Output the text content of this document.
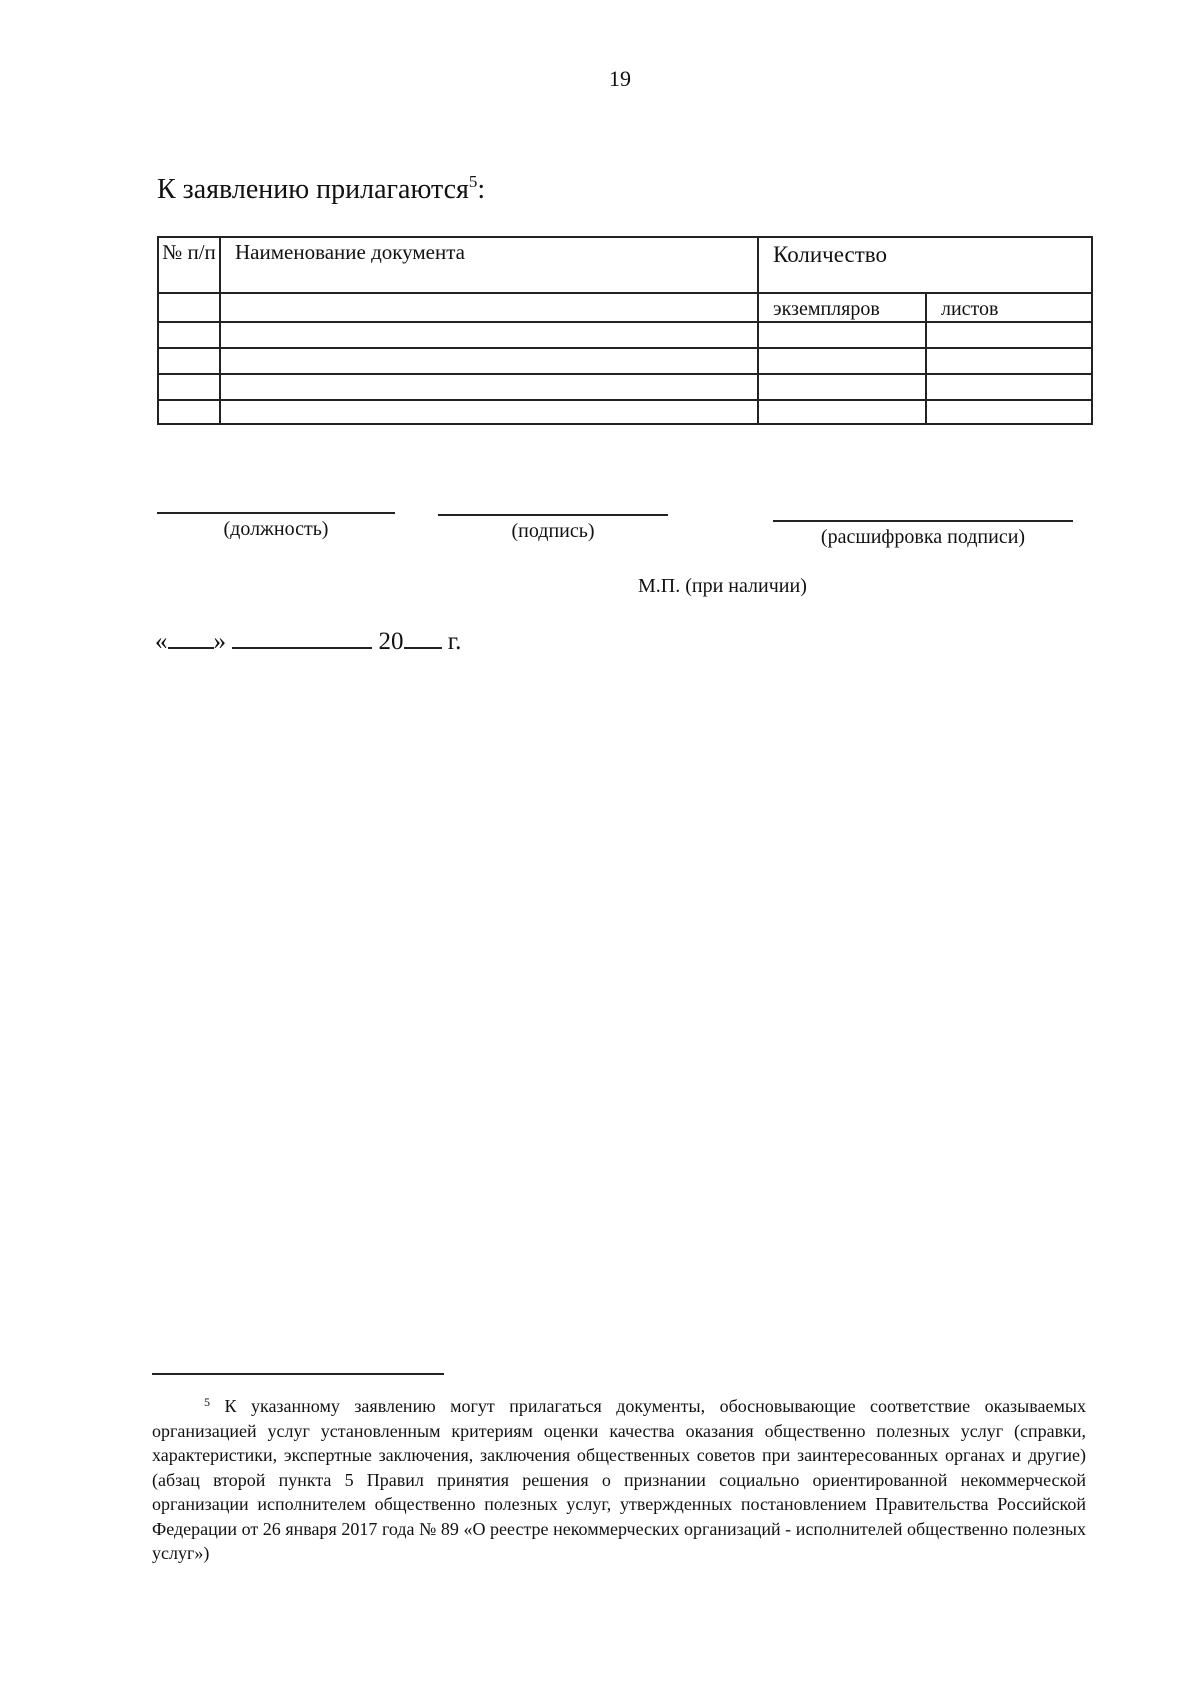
19
К заявлению прилагаются$^5$:
№ п/п	Наименование документа	Количество	
		экземпляров	листов

(должность)	(подпись)	(расшифровка подписи)
М.П. (при наличии)
« »	20 г.
$^5$ К указанному заявлению могут прилагаться документы, обосновывающие соответствие оказываемых организацией услуг установленным критериям оценки качества оказания общественно полезных услуг (справки, характеристики, экспертные заключения, заключения общественных советов при заинтересованных органах и другие) (абзац второй пункта 5 Правил принятия решения о признании социально ориентированной некоммерческой организации исполнителем общественно полезных услуг, утвержденных постановлением Правительства Российской Федерации от 26 января 2017 года № 89 «О реестре некоммерческих организаций - исполнителей общественно полезных услуг»)
